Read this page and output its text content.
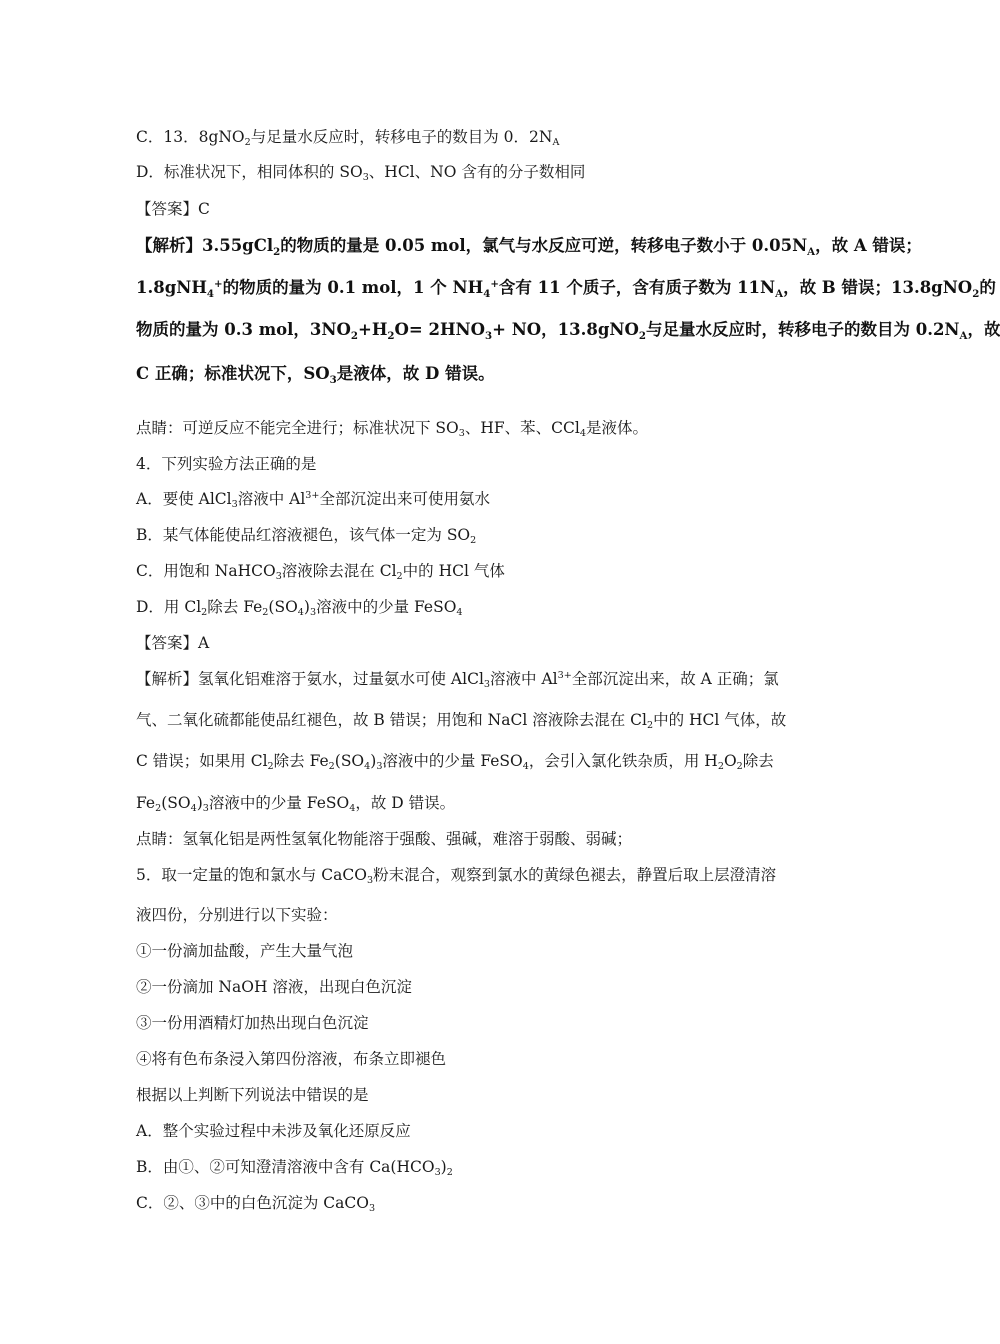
C．13．8gNO$_2$与足量水反应时，转移电子的数目为 0．$2N_A$
D．标准状况下，相同体积的 $SO_3$、HCl、NO 含有的分子数相同
【答案】C
【解析】3.55gCl$_2$的物质的量是 0.05 mol，氯气与水反应可逆，转移电子数小于 $0.05N_A$，故 A 错误；
1.8gNH$_4$+的物质的量为 0.1 mol，1 个 $NH_4^+$含有 11 个质子，含有质子数为 $11N_A$，故 B 错误；13.8gNO$_2$的
物质的量为 0.3 mol，$3NO_2+H_2O= 2HNO_3+$ NO，13.8gNO$_2$与足量水反应时，转移电子的数目为 $0.2N_A$，故
C 正确；标准状况下，$SO_3$是液体，故 D 错误。
点睛：可逆反应不能完全进行；标准状况下 $SO_3$、HF、苯、CCl$_4$是液体。
4．下列实验方法正确的是
A．要使 AlCl$_3$溶液中 $Al^{3+}$全部沉淀出来可使用氨水
B．某气体能使品红溶液褪色，该气体一定为 $SO_2$
C．用饱和 NaHCO$_3$溶液除去混在 $Cl_2$中的 HCl 气体
D．用 $Cl_2$除去 $Fe_2(SO_4)_3$溶液中的少量 FeSO$_4$
【答案】A
【解析】氢氧化铝难溶于氨水，过量氨水可使 AlCl$_3$溶液中 $Al^{3+}$全部沉淀出来，故 A 正确；氯
气、二氧化硫都能使品红褪色，故 B 错误；用饱和 NaCl 溶液除去混在 $Cl_2$中的 HCl 气体，故
C 错误；如果用 $Cl_2$除去 $Fe_2(SO_4)_3$溶液中的少量 FeSO$_4$，会引入氯化铁杂质，用 $H_2O_2$除去
$Fe_2(SO_4)_3$溶液中的少量 FeSO$_4$，故 D 错误。
点睛：氢氧化铝是两性氢氧化物能溶于强酸、强碱，难溶于弱酸、弱碱；
5．取一定量的饱和氯水与 CaCO$_3$粉末混合，观察到氯水的黄绿色褪去，静置后取上层澄清溶
液四份，分别进行以下实验：
①一份滴加盐酸，产生大量气泡
②一份滴加 NaOH 溶液，出现白色沉淀
③一份用酒精灯加热出现白色沉淀
④将有色布条浸入第四份溶液，布条立即褪色
根据以上判断下列说法中错误的是
A．整个实验过程中未涉及氧化还原反应
B．由①、②可知澄清溶液中含有 $Ca(HCO_3)_2$
C．②、③中的白色沉淀为 CaCO$_3$
